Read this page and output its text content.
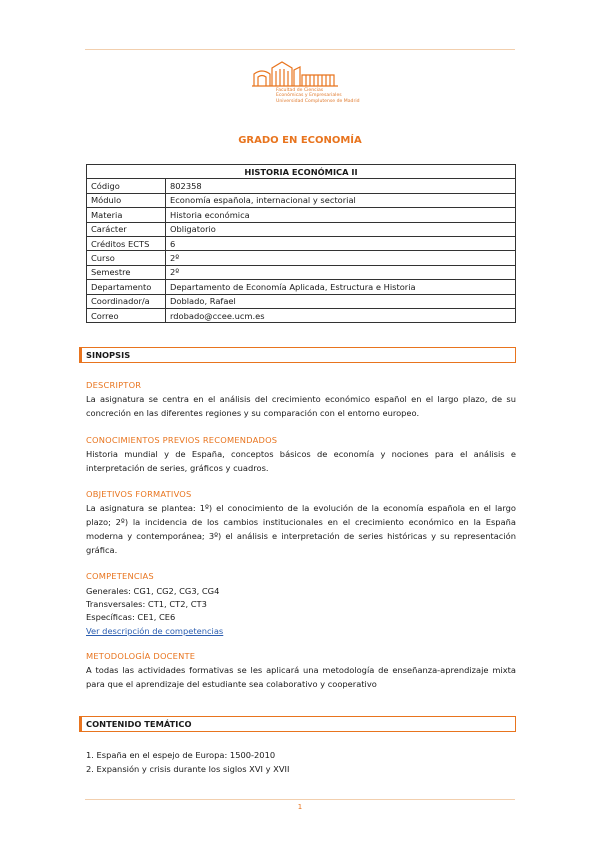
Facultad de Ciencias
Económicas y Empresariales
Universidad Complutense de Madrid
GRADO EN ECONOMÍA
HISTORIA ECONÓMICA II	
Código	802358
Módulo	Economía española, internacional y sectorial
Materia	Historia económica
Carácter	Obligatorio
Créditos ECTS	6
Curso	2º
Semestre	2º
Departamento	Departamento de Economía Aplicada, Estructura e Historia
Coordinador/a	Doblado, Rafael
Correo	rdobado@ccee.ucm.es
SINOPSIS
DESCRIPTOR
La asignatura se centra en el análisis del crecimiento económico español en el largo plazo, de su concreción en las diferentes regiones y su comparación con el entorno europeo.
CONOCIMIENTOS PREVIOS RECOMENDADOS
Historia mundial y de España, conceptos básicos de economía y nociones para el análisis e interpretación de series, gráficos y cuadros.
OBJETIVOS FORMATIVOS
La asignatura se plantea: 1º) el conocimiento de la evolución de la economía española en el largo plazo; 2º) la incidencia de los cambios institucionales en el crecimiento económico en la España moderna y contemporánea; 3º) el análisis e interpretación de series históricas y su representación gráfica.
COMPETENCIAS
Generales: CG1, CG2, CG3, CG4
Transversales: CT1, CT2, CT3
Específicas: CE1, CE6
Ver descripción de competencias
METODOLOGÍA DOCENTE
A todas las actividades formativas se les aplicará una metodología de enseñanza-aprendizaje mixta para que el aprendizaje del estudiante sea colaborativo y cooperativo
CONTENIDO TEMÁTICO
1. España en el espejo de Europa: 1500-2010
2. Expansión y crisis durante los siglos XVI y XVII
1
